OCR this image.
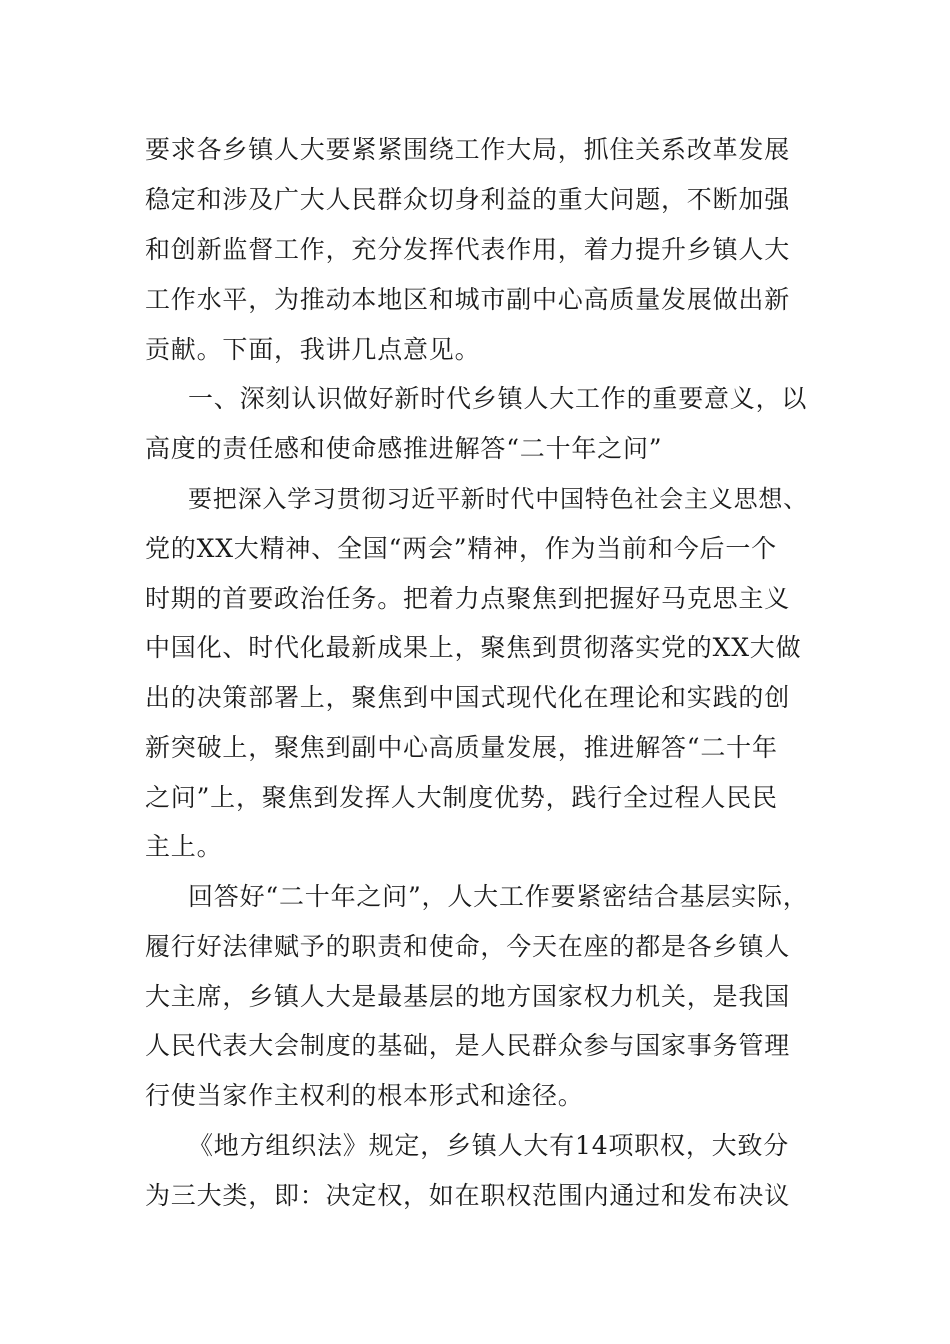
要求各乡镇人大要紧紧围绕工作大局，抓住关系改革发展
稳定和涉及广大人民群众切身利益的重大问题，不断加强
和创新监督工作，充分发挥代表作用，着力提升乡镇人大
工作水平，为推动本地区和城市副中心高质量发展做出新
贡献。下面，我讲几点意见。
一、深刻认识做好新时代乡镇人大工作的重要意义，以
高度的责任感和使命感推进解答“二十年之问”
要把深入学习贯彻习近平新时代中国特色社会主义思想、
党的XX大精神、全国“两会”精神，作为当前和今后一个
时期的首要政治任务。把着力点聚焦到把握好马克思主义
中国化、时代化最新成果上，聚焦到贯彻落实党的XX大做
出的决策部署上，聚焦到中国式现代化在理论和实践的创
新突破上，聚焦到副中心高质量发展，推进解答“二十年
之问”上，聚焦到发挥人大制度优势，践行全过程人民民
主上。
回答好“二十年之问”，人大工作要紧密结合基层实际，
履行好法律赋予的职责和使命，今天在座的都是各乡镇人
大主席，乡镇人大是最基层的地方国家权力机关，是我国
人民代表大会制度的基础，是人民群众参与国家事务管理
行使当家作主权利的根本形式和途径。
《地方组织法》规定，乡镇人大有14项职权，大致分
为三大类，即：决定权，如在职权范围内通过和发布决议
